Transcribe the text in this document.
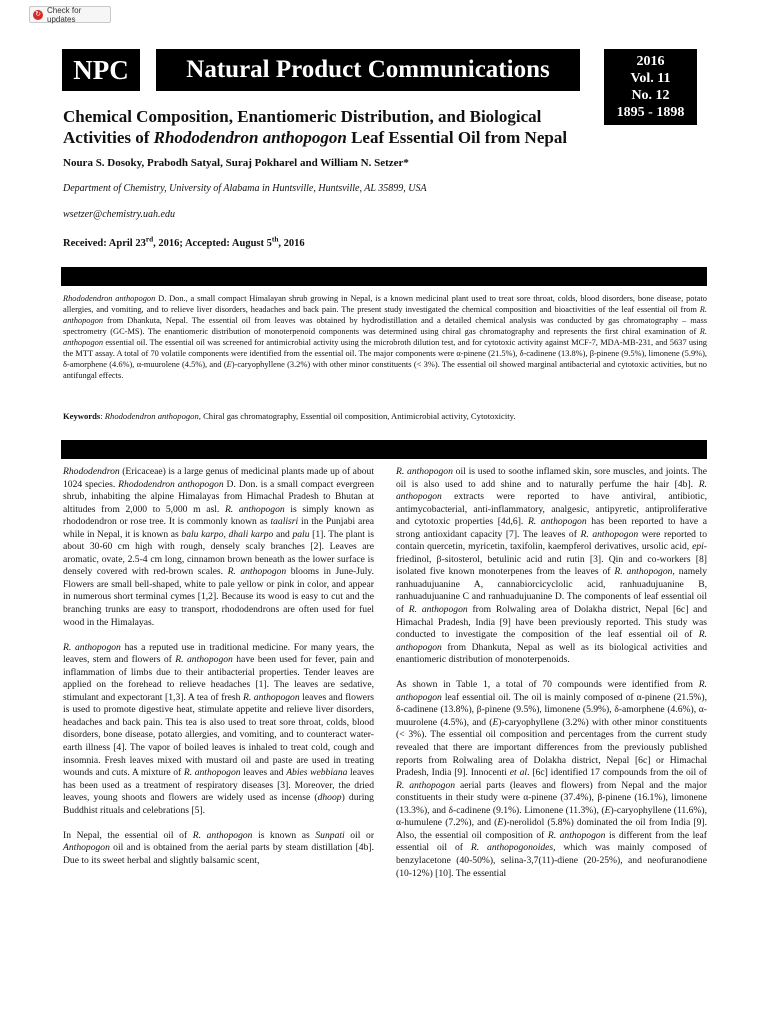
↻ Check for updates
NPC	Natural Product Communications	2016
Vol. 11
No. 12
1895 - 1898
Chemical Composition, Enantiomeric Distribution, and Biological
Activities of Rhododendron anthopogon Leaf Essential Oil from Nepal
Noura S. Dosoky, Prabodh Satyal, Suraj Pokharel and William N. Setzer*
Department of Chemistry, University of Alabama in Huntsville, Huntsville, AL 35899, USA
wsetzer@chemistry.uah.edu
Received: April 23rd, 2016; Accepted: August 5th, 2016

Rhododendron anthopogon D. Don., a small compact Himalayan shrub growing in Nepal, is a known medicinal plant used to treat sore throat, colds, blood disorders, bone disease, potato allergies, and vomiting, and to relieve liver disorders, headaches and back pain. The present study investigated the chemical composition and bioactivities of the leaf essential oil from R. anthopogon from Dhankuta, Nepal. The essential oil from leaves was obtained by hydrodistillation and a detailed chemical analysis was conducted by gas chromatography – mass spectrometry (GC-MS). The enantiomeric distribution of monoterpenoid components was determined using chiral gas chromatography and represents the first chiral examination of R. anthopogon essential oil. The essential oil was screened for antimicrobial activity using the microbroth dilution test, and for cytotoxic activity against MCF-7, MDA-MB-231, and 5637 using the MTT assay. A total of 70 volatile components were identified from the essential oil. The major components were α-pinene (21.5%), δ-cadinene (13.8%), β-pinene (9.5%), limonene (5.9%), δ-amorphene (4.6%), α-muurolene (4.5%), and (E)-caryophyllene (3.2%) with other minor constituents (< 3%). The essential oil showed marginal antibacterial and cytotoxic activities, but no antifungal effects.

Keywords: Rhododendron anthopogon, Chiral gas chromatography, Essential oil composition, Antimicrobial activity, Cytotoxicity.

Rhododendron (Ericaceae) is a large genus of medicinal plants made up of about 1024 species. Rhododendron anthopogon D. Don. is a small compact evergreen shrub, inhabiting the alpine Himalayas from Himachal Pradesh to Bhutan at altitudes from 2,000 to 5,000 m asl. R. anthopogon is simply known as rhododendron or rose tree. It is commonly known as taalisri in the Punjabi area while in Nepal, it is known as balu karpo, dhali karpo and palu [1]. The plant is about 30-60 cm high with rough, densely scaly branches [2]. Leaves are aromatic, ovate, 2.5-4 cm long, cinnamon brown beneath as the lower surface is densely covered with red-brown scales. R. anthopogon blooms in June-July. Flowers are small bell-shaped, white to pale yellow or pink in color, and appear in numerous short terminal cymes [1,2]. Because its wood is easy to cut and the branching trunks are easy to transport, rhododendrons are often used for fuel wood in the Himalayas.

R. anthopogon has a reputed use in traditional medicine. For many years, the leaves, stem and flowers of R. anthopogon have been used for fever, pain and inflammation of limbs due to their antibacterial properties. Tender leaves are applied on the forehead to relieve headaches [1]. The leaves are sedative, stimulant and expectorant [1,3]. A tea of fresh R. anthopogon leaves and flowers is used to promote digestive heat, stimulate appetite and relieve liver disorders, headaches and back pain. This tea is also used to treat sore throat, colds, blood disorders, bone disease, potato allergies, and vomiting, and to counteract water-earth illness [4]. The vapor of boiled leaves is inhaled to treat cold, cough and insomnia. Fresh leaves mixed with mustard oil and paste are used in treating wounds and cuts. A mixture of R. anthopogon leaves and Abies webbiana leaves has been used as a treatment of respiratory diseases [3]. Moreover, the dried leaves, young shoots and flowers are widely used as incense (dhoop) during Buddhist rituals and celebrations [5].

In Nepal, the essential oil of R. anthopogon is known as Sunpati oil or Anthopogon oil and is obtained from the aerial parts by steam distillation [4b]. Due to its sweet herbal and slightly balsamic scent,

R. anthopogon oil is used to soothe inflamed skin, sore muscles, and joints. The oil is also used to add shine and to naturally perfume the hair [4b]. R. anthopogon extracts were reported to have antiviral, antibiotic, antimycobacterial, anti-inflammatory, analgesic, antipyretic, antiproliferative and cytotoxic properties [4d,6]. R. anthopogon has been reported to have a strong antioxidant capacity [7]. The leaves of R. anthopogon were reported to contain quercetin, myricetin, taxifolin, kaempferol derivatives, ursolic acid, epi-friedinol, β-sitosterol, betulinic acid and rutin [3]. Qin and co-workers [8] isolated five known monoterpenes from the leaves of R. anthopogon, namely ranhuadujuanine A, cannabiorcicyclolic acid, ranhuadujuanine B, ranhuadujuanine C and ranhuadujuanine D. The components of leaf essential oil of R. anthopogon from Rolwaling area of Dolakha district, Nepal [6c] and Himachal Pradesh, India [9] have been previously reported. This study was conducted to investigate the composition of the leaf essential oil of R. anthopogon from Dhankuta, Nepal as well as its biological activities and enantiomeric distribution of monoterpenoids.

As shown in Table 1, a total of 70 compounds were identified from R. anthopogon leaf essential oil. The oil is mainly composed of α-pinene (21.5%), δ-cadinene (13.8%), β-pinene (9.5%), limonene (5.9%), δ-amorphene (4.6%), α-muurolene (4.5%), and (E)-caryophyllene (3.2%) with other minor constituents (< 3%). The essential oil composition and percentages from the current study revealed that there are important differences from the previously published reports from Rolwaling area of Dolakha district, Nepal [6c] or Himachal Pradesh, India [9]. Innocenti et al. [6c] identified 17 compounds from the oil of R. anthopogon aerial parts (leaves and flowers) from Nepal and the major constituents in their study were α-pinene (37.4%), β-pinene (16.1%), limonene (13.3%), and δ-cadinene (9.1%). Limonene (11.3%), (E)-caryophyllene (11.6%), α-humulene (7.2%), and (E)-nerolidol (5.8%) dominated the oil from India [9]. Also, the essential oil composition of R. anthopogon is different from the leaf essential oil of R. anthopogonoides, which was mainly composed of benzylacetone (40-50%), selina-3,7(11)-diene (20-25%), and neofuranodiene (10-12%) [10]. The essential
